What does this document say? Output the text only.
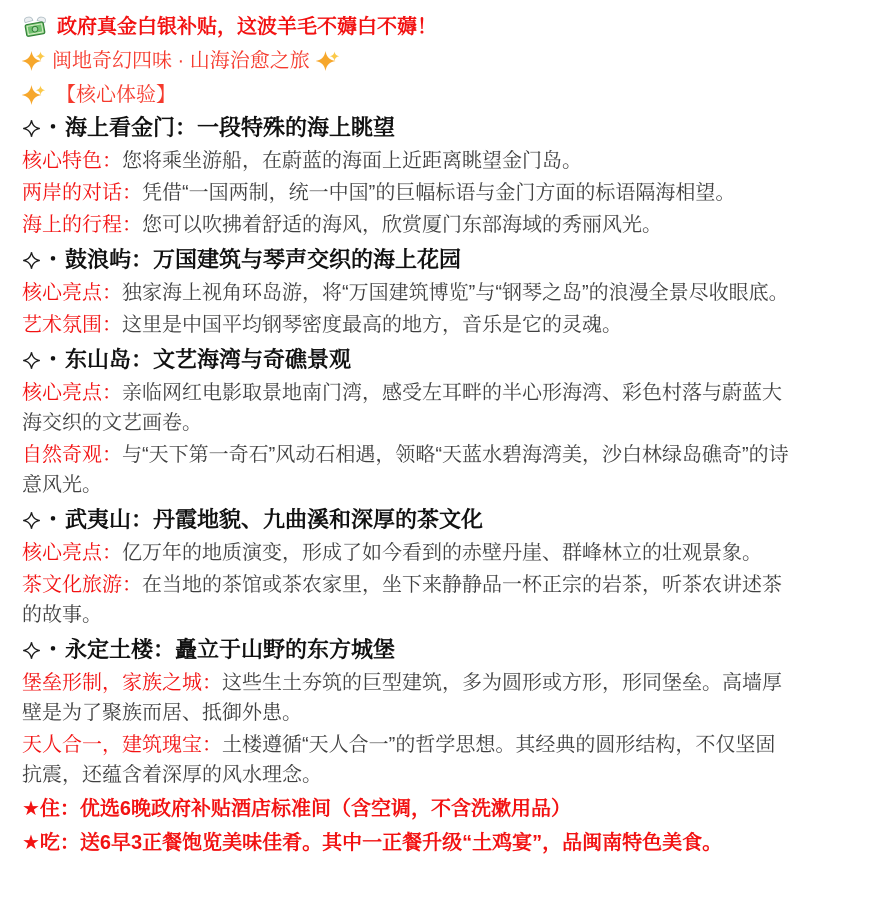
政府真金白银补贴，这波羊毛不薅白不薅！

闽地奇幻四味 · 山海治愈之旅

【核心体验】

・ 海上看金门：一段特殊的海上眺望

核心特色：您将乘坐游船，在蔚蓝的海面上近距离眺望金门岛。

两岸的对话：凭借“一国两制，统一中国”的巨幅标语与金门方面的标语隔海相望。

海上的行程：您可以吹拂着舒适的海风，欣赏厦门东部海域的秀丽风光。

・ 鼓浪屿：万国建筑与琴声交织的海上花园

核心亮点：独家海上视角环岛游，将“万国建筑博览”与“钢琴之岛”的浪漫全景尽收眼底。

艺术氛围：这里是中国平均钢琴密度最高的地方，音乐是它的灵魂。

・ 东山岛：文艺海湾与奇礁景观

核心亮点：亲临网红电影取景地南门湾，感受左耳畔的半心形海湾、彩色村落与蔚蓝大海交织的文艺画卷。

自然奇观：与“天下第一奇石”风动石相遇，领略“天蓝水碧海湾美，沙白林绿岛礁奇”的诗意风光。

・ 武夷山：丹霞地貌、九曲溪和深厚的茶文化

核心亮点：亿万年的地质演变，形成了如今看到的赤壁丹崖、群峰林立的壮观景象。

茶文化旅游：在当地的茶馆或茶农家里，坐下来静静品一杯正宗的岩茶，听茶农讲述茶的故事。

・ 永定土楼：矗立于山野的东方城堡

堡垒形制，家族之城：这些生土夯筑的巨型建筑，多为圆形或方形，形同堡垒。高墙厚壁是为了聚族而居、抵御外患。

天人合一，建筑瑰宝：土楼遵循“天人合一”的哲学思想。其经典的圆形结构，不仅坚固抗震，还蕴含着深厚的风水理念。

★住：优选6晚政府补贴酒店标准间（含空调，不含洗漱用品）

★吃：送6早3正餐饱览美味佳肴。其中一正餐升级“土鸡宴”，品闽南特色美食。
